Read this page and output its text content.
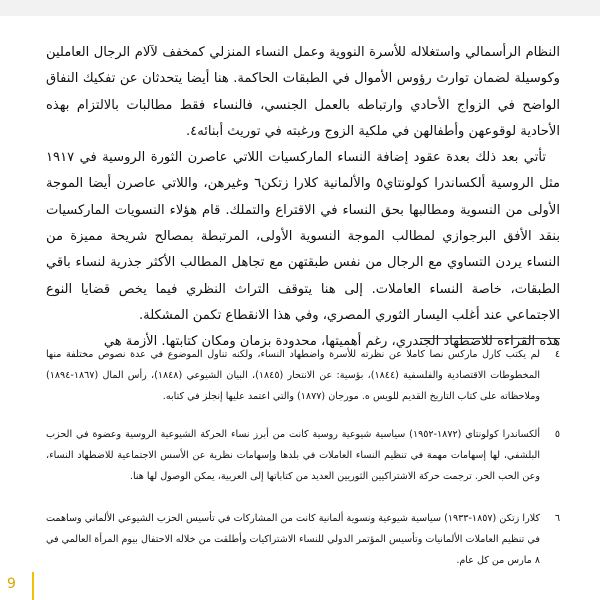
النظام الرأسمالي واستغلاله للأسرة النووية وعمل النساء المنزلي كمخفف لآلام الرجال العاملين وكوسيلة لضمان توارث رؤوس الأموال في الطبقات الحاكمة. هنا أيضا يتحدثان عن تفكيك النفاق الواضح في الزواج الأحادي وارتباطه بالعمل الجنسي، فالنساء فقط مطالبات بالالتزام بهذه الأحادية لوقوعهن وأطفالهن في ملكية الزوج ورغبته في توريث أبنائه٤.

تأتي بعد ذلك بعدة عقود إضافة النساء الماركسيات اللاتي عاصرن الثورة الروسية في ١٩١٧ مثل الروسية ألكساندرا كولونتاي٥ والألمانية كلارا زتكن٦ وغيرهن، واللاتي عاصرن أيضا الموجة الأولى من النسوية ومطالبها بحق النساء في الاقتراع والتملك. قام هؤلاء النسويات الماركسيات بنقد الأفق البرجوازي لمطالب الموجة النسوية الأولى، المرتبطة بمصالح شريحة مميزة من النساء يردن التساوي مع الرجال من نفس طبقتهن مع تجاهل المطالب الأكثر جذرية لنساء باقي الطبقات، خاصة النساء العاملات. إلى هنا يتوقف التراث النظري فيما يخص قضايا النوع الاجتماعي عند أغلب اليسار الثوري المصري، وفي هذا الانقطاع تكمن المشكلة.

هذه القراءة للاضطهاد الجندري، رغم أهميتها، محدودة بزمان ومكان كتابتها. الأزمة هي

٤
لم يكتب كارل ماركس نصا كاملا عن نظرته للأسرة واضطهاد النساء، ولكنه تناول الموضوع في عدة نصوص مختلفة منها المخطوطات الاقتصادية والفلسفية (١٨٤٤)، بؤسية: عن الانتحار (١٨٤٥)، البيان الشيوعي (١٨٤٨)، رأس المال (١٨٦٧-١٨٩٤) وملاحظاته على كتاب التاريخ القديم للويس ه. مورجان (١٨٧٧) والتي اعتمد عليها إنجلز في كتابه.
٥
ألكساندرا كولونتاي (١٨٧٢-١٩٥٢) سياسية شيوعية روسية كانت من أبرز نساء الحركة الشيوعية الروسية وعضوة في الحزب البلشفي، لها إسهامات مهمة في تنظيم النساء العاملات في بلدها وإسهامات نظرية عن الأسس الاجتماعية للاضطهاد النساء، وعن الحب الحر. ترجمت حركة الاشتراكيين الثوريين العديد من كتاباتها إلى العربية، يمكن الوصول لها هنا.
٦
كلارا زتكن (١٨٥٧-١٩٣٣) سياسية شيوعية ونسوية ألمانية كانت من المشاركات في تأسيس الحزب الشيوعي الألماني وساهمت في تنظيم العاملات الألمانيات وتأسيس المؤتمر الدولي للنساء الاشتراكيات وأطلقت من خلاله الاحتفال بيوم المرأة العالمي في ٨ مارس من كل عام.
9
